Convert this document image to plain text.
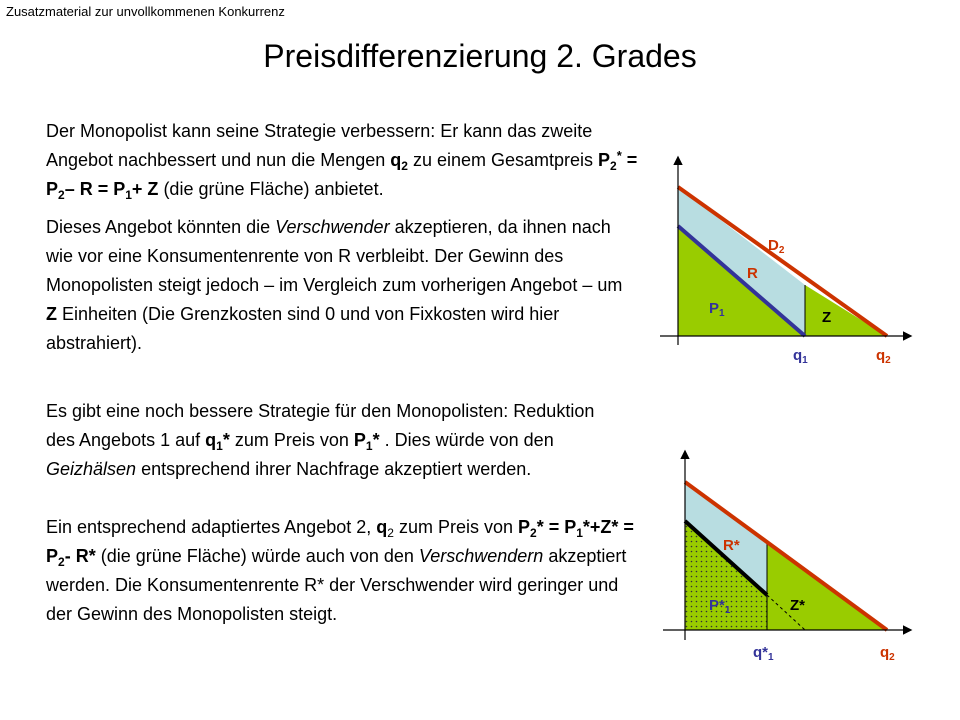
Zusatzmaterial zur unvollkommenen Konkurrenz
Preisdifferenzierung 2. Grades
Der Monopolist kann seine Strategie verbessern: Er kann das zweite Angebot nachbessert und nun die Mengen $q_2$ zu einem Gesamtpreis $P_2^* = P_2-$ $R = P_1+ Z$ (die grüne Fläche) anbietet.
Dieses Angebot könnten die Verschwender akzeptieren, da ihnen nach wie vor eine Konsumentenrente von R verbleibt. Der Gewinn des Monopolisten steigt jedoch – im Vergleich zum vorherigen Angebot – um Z Einheiten (Die Grenzkosten sind 0 und von Fixkosten wird hier abstrahiert).
Es gibt eine noch bessere Strategie für den Monopolisten: Reduktion des Angebots 1 auf $q_1*$ zum Preis von $P_1*$ . Dies würde von den Geizhälsen entsprechend ihrer Nachfrage akzeptiert werden.
Ein entsprechend adaptiertes Angebot 2, $q_2$ zum Preis von $P_2* = P_1*+Z* = P_2-$ R* (die grüne Fläche) würde auch von den Verschwendern akzeptiert werden. Die Konsumentenrente R* der Verschwender wird geringer und der Gewinn des Monopolisten steigt.
$D_2$
R
$P_1$	Z
$q_1$	$q_2$
R*
$P*_1$	Z*
$q*_1$	$q_2$
